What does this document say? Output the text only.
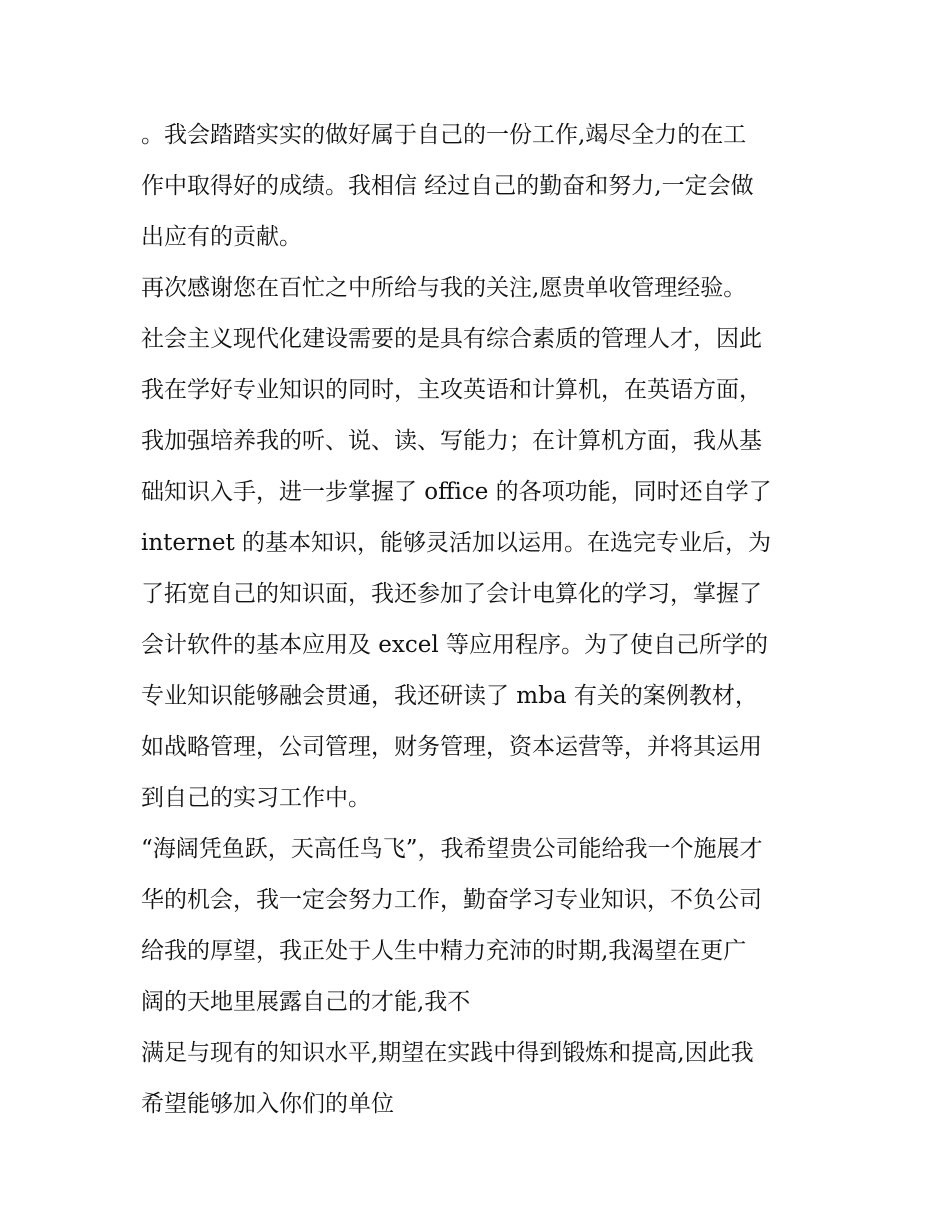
。我会踏踏实实的做好属于自己的一份工作,竭尽全力的在工
作中取得好的成绩。我相信 经过自己的勤奋和努力,一定会做
出应有的贡献。
再次感谢您在百忙之中所给与我的关注,愿贵单收管理经验。
社会主义现代化建设需要的是具有综合素质的管理人才，因此
我在学好专业知识的同时，主攻英语和计算机，在英语方面，
我加强培养我的听、说、读、写能力；在计算机方面，我从基
础知识入手，进一步掌握了 office 的各项功能，同时还自学了
internet 的基本知识，能够灵活加以运用。在选完专业后，为
了拓宽自己的知识面，我还参加了会计电算化的学习，掌握了
会计软件的基本应用及 excel 等应用程序。为了使自己所学的
专业知识能够融会贯通，我还研读了 mba 有关的案例教材，
如战略管理，公司管理，财务管理，资本运营等，并将其运用
到自己的实习工作中。
“海阔凭鱼跃，天高任鸟飞”，我希望贵公司能给我一个施展才
华的机会，我一定会努力工作，勤奋学习专业知识，不负公司
给我的厚望，我正处于人生中精力充沛的时期,我渴望在更广
阔的天地里展露自己的才能,我不
满足与现有的知识水平,期望在实践中得到锻炼和提高,因此我
希望能够加入你们的单位
